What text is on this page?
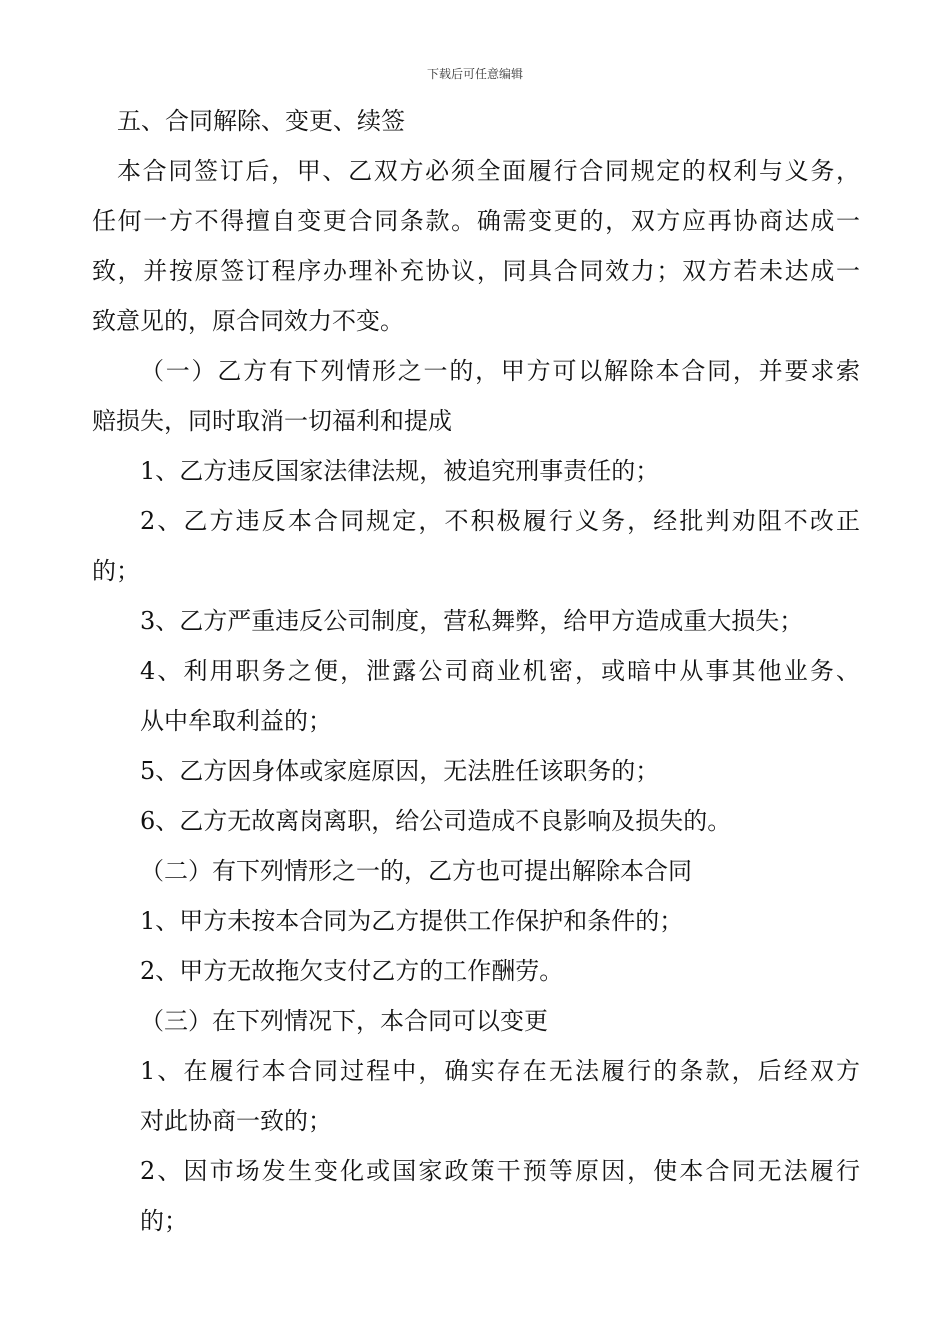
下载后可任意编辑
五、合同解除、变更、续签
本合同签订后，甲、乙双方必须全面履行合同规定的权利与义务，
任何一方不得擅自变更合同条款。确需变更的，双方应再协商达成一
致，并按原签订程序办理补充协议，同具合同效力；双方若未达成一
致意见的，原合同效力不变。
（一）乙方有下列情形之一的，甲方可以解除本合同，并要求索
赔损失，同时取消一切福利和提成
1、乙方违反国家法律法规，被追究刑事责任的；
2、乙方违反本合同规定，不积极履行义务，经批判劝阻不改正
的；
3、乙方严重违反公司制度，营私舞弊，给甲方造成重大损失；
4、利用职务之便，泄露公司商业机密，或暗中从事其他业务、
从中牟取利益的；
5、乙方因身体或家庭原因，无法胜任该职务的；
6、乙方无故离岗离职，给公司造成不良影响及损失的。
（二）有下列情形之一的，乙方也可提出解除本合同
1、甲方未按本合同为乙方提供工作保护和条件的；
2、甲方无故拖欠支付乙方的工作酬劳。
（三）在下列情况下，本合同可以变更
1、在履行本合同过程中，确实存在无法履行的条款，后经双方
对此协商一致的；
2、因市场发生变化或国家政策干预等原因，使本合同无法履行
的；
